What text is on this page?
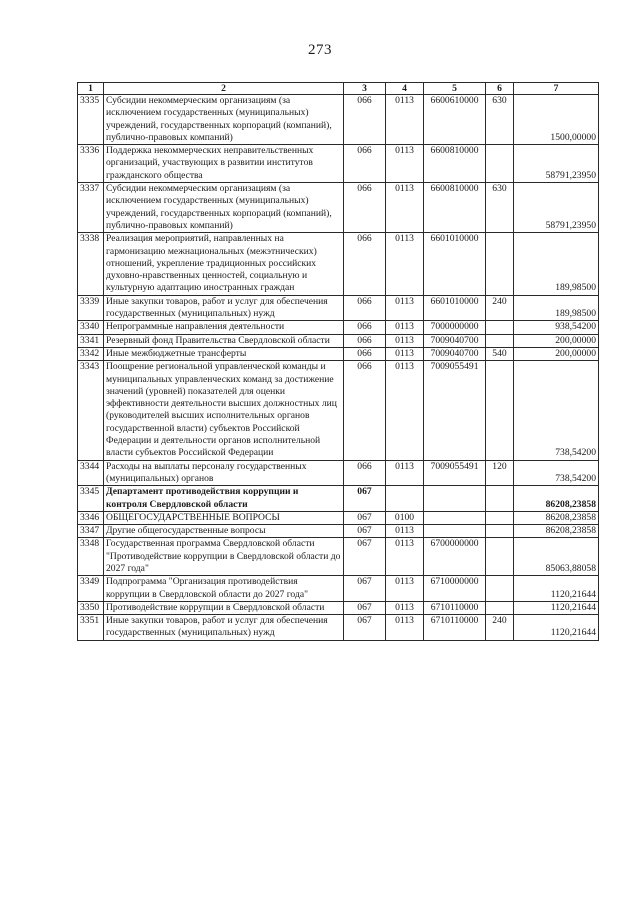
273
1	2	3	4	5	6	7
3335	Субсидии некоммерческим организациям (за исключением государственных (муниципальных) учреждений, государственных корпораций (компаний), публично-правовых компаний)	066	0113	6600610000	630	1500,00000
3336	Поддержка некоммерческих неправительственных организаций, участвующих в развитии институтов гражданского общества	066	0113	6600810000		58791,23950
3337	Субсидии некоммерческим организациям (за исключением государственных (муниципальных) учреждений, государственных корпораций (компаний), публично-правовых компаний)	066	0113	6600810000	630	58791,23950
3338	Реализация мероприятий, направленных на гармонизацию межнациональных (межэтнических) отношений, укрепление традиционных российских духовно-нравственных ценностей, социальную и культурную адаптацию иностранных граждан	066	0113	6601010000		189,98500
3339	Иные закупки товаров, работ и услуг для обеспечения государственных (муниципальных) нужд	066	0113	6601010000	240	189,98500
3340	Непрограммные направления деятельности	066	0113	7000000000		938,54200
3341	Резервный фонд Правительства Свердловской области	066	0113	7009040700		200,00000
3342	Иные межбюджетные трансферты	066	0113	7009040700	540	200,00000
3343	Поощрение региональной управленческой команды и муниципальных управленческих команд за достижение значений (уровней) показателей для оценки эффективности деятельности высших должностных лиц (руководителей высших исполнительных органов государственной власти) субъектов Российской Федерации и деятельности органов исполнительной власти субъектов Российской Федерации	066	0113	7009055491		738,54200
3344	Расходы на выплаты персоналу государственных (муниципальных) органов	066	0113	7009055491	120	738,54200
3345	Департамент противодействия коррупции и контроля Свердловской области	067				86208,23858
3346	ОБЩЕГОСУДАРСТВЕННЫЕ ВОПРОСЫ	067	0100			86208,23858
3347	Другие общегосударственные вопросы	067	0113			86208,23858
3348	Государственная программа Свердловской области "Противодействие коррупции в Свердловской области до 2027 года"	067	0113	6700000000		85063,88058
3349	Подпрограмма "Организация противодействия коррупции в Свердловской области до 2027 года"	067	0113	6710000000		1120,21644
3350	Противодействие коррупции в Свердловской области	067	0113	6710110000		1120,21644
3351	Иные закупки товаров, работ и услуг для обеспечения государственных (муниципальных) нужд	067	0113	6710110000	240	1120,21644
